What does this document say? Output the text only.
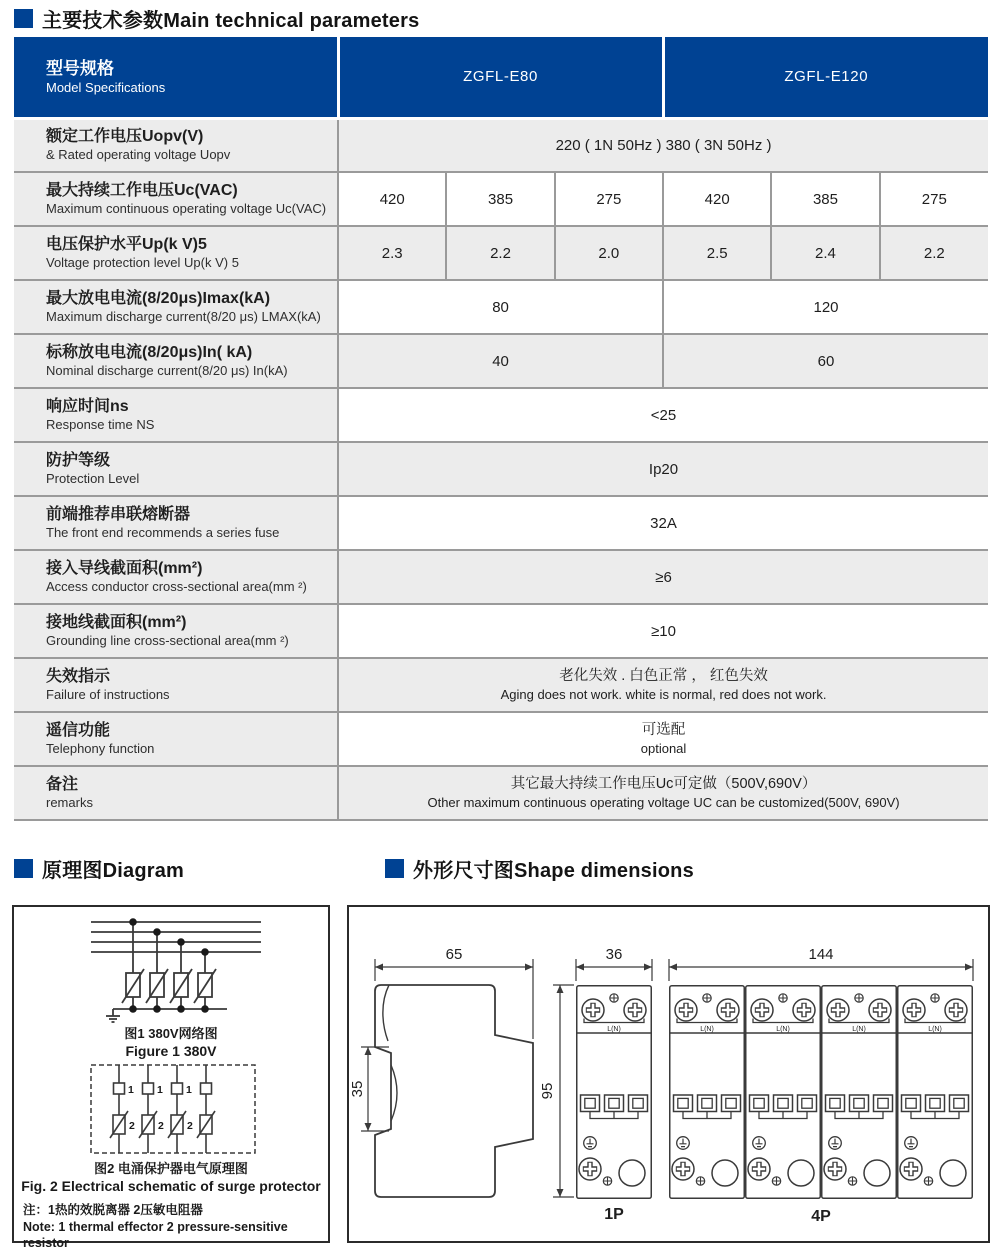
主要技术参数Main technical parameters
型号规格
Model Specifications	ZGFL-E80			ZGFL-E120		

额定工作电压Uopv(V)
& Rated operating voltage Uopv	220 ( 1N 50Hz ) 380 ( 3N 50Hz )					

最大持续工作电压Uc(VAC)
Maximum continuous operating voltage Uc(VAC)	420	385	275	420	385	275

电压保护水平Up(k V)5
Voltage protection level Up(k V) 5	2.3	2.2	2.0	2.5	2.4	2.2

最大放电电流(8/20μs)Imax(kA)
Maximum discharge current(8/20 μs) LMAX(kA)	80			120		

标称放电电流(8/20μs)In( kA)
Nominal discharge current(8/20 μs) In(kA)	40			60		

响应时间ns
Response time NS	<25					

防护等级
Protection Level	Ip20					

前端推荐串联熔断器
The front end recommends a series fuse	32A					

接入导线截面积(mm²)
Access conductor cross-sectional area(mm ²)	≥6					

接地线截面积(mm²)
Grounding line cross-sectional area(mm ²)	≥10					

失效指示
Failure of instructions	老化失效 . 白色正常 ， 红色失效
Aging does not work. white is normal, red does not work.					

遥信功能
Telephony function	可选配
optional					

备注
remarks	其它最大持续工作电压Uc可定做（500V,690V）
Other maximum continuous operating voltage UC can be customized(500V, 690V)					
原理图Diagram	外形尺寸图Shape dimensions
图1 380V网络图
Figure 1 380V
1 1 1
2 2 2
图2 电涌保护器电气原理图
Fig. 2 Electrical schematic of surge protector
注：1热的效脱离器 2压敏电阻器
Note: 1 thermal effector 2 pressure-sensitive resistor
65
35	95
36	144
L(N)	L(N)	L(N)	L(N)	L(N)
1P	4P
